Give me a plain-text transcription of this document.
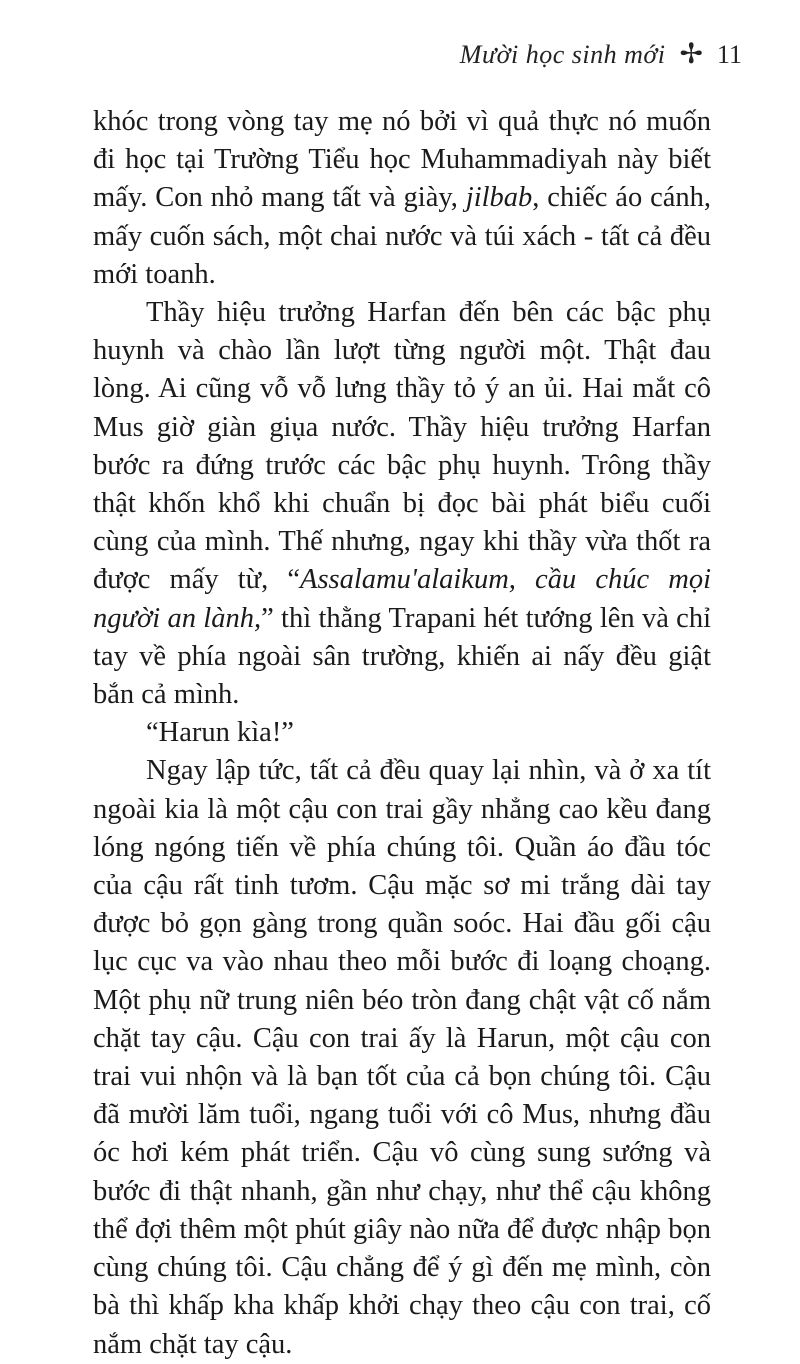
Mười học sinh mới ✢ 11

khóc trong vòng tay mẹ nó bởi vì quả thực nó muốn đi học tại Trường Tiểu học Muhammadiyah này biết mấy. Con nhỏ mang tất và giày, jilbab, chiếc áo cánh, mấy cuốn sách, một chai nước và túi xách - tất cả đều mới toanh.

Thầy hiệu trưởng Harfan đến bên các bậc phụ huynh và chào lần lượt từng người một. Thật đau lòng. Ai cũng vỗ vỗ lưng thầy tỏ ý an ủi. Hai mắt cô Mus giờ giàn giụa nước. Thầy hiệu trưởng Harfan bước ra đứng trước các bậc phụ huynh. Trông thầy thật khốn khổ khi chuẩn bị đọc bài phát biểu cuối cùng của mình. Thế nhưng, ngay khi thầy vừa thốt ra được mấy từ, “Assalamu'alaikum, cầu chúc mọi người an lành,” thì thằng Trapani hét tướng lên và chỉ tay về phía ngoài sân trường, khiến ai nấy đều giật bắn cả mình.

“Harun kìa!”

Ngay lập tức, tất cả đều quay lại nhìn, và ở xa tít ngoài kia là một cậu con trai gầy nhẳng cao kều đang lóng ngóng tiến về phía chúng tôi. Quần áo đầu tóc của cậu rất tinh tươm. Cậu mặc sơ mi trắng dài tay được bỏ gọn gàng trong quần soóc. Hai đầu gối cậu lục cục va vào nhau theo mỗi bước đi loạng choạng. Một phụ nữ trung niên béo tròn đang chật vật cố nắm chặt tay cậu. Cậu con trai ấy là Harun, một cậu con trai vui nhộn và là bạn tốt của cả bọn chúng tôi. Cậu đã mười lăm tuổi, ngang tuổi với cô Mus, nhưng đầu óc hơi kém phát triển. Cậu vô cùng sung sướng và bước đi thật nhanh, gần như chạy, như thể cậu không thể đợi thêm một phút giây nào nữa để được nhập bọn cùng chúng tôi. Cậu chẳng để ý gì đến mẹ mình, còn bà thì khấp kha khấp khởi chạy theo cậu con trai, cố nắm chặt tay cậu.
